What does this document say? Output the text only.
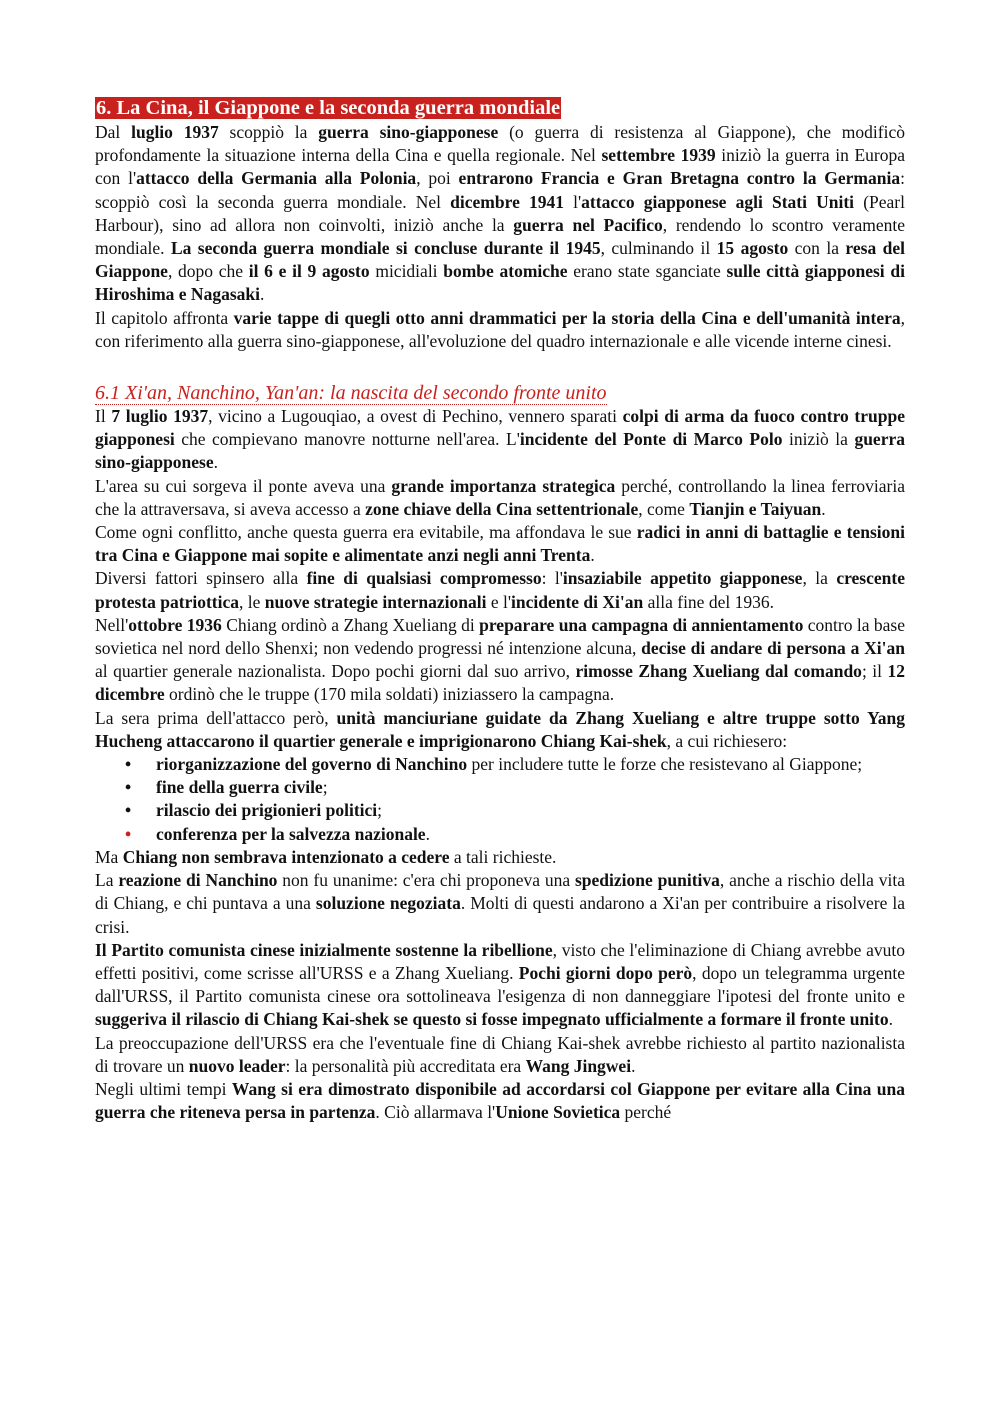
6. La Cina, il Giappone e la seconda guerra mondiale

Dal luglio 1937 scoppiò la guerra sino-giapponese (o guerra di resistenza al Giappone), che modificò profondamente la situazione interna della Cina e quella regionale. Nel settembre 1939 iniziò la guerra in Europa con l'attacco della Germania alla Polonia, poi entrarono Francia e Gran Bretagna contro la Germania: scoppiò così la seconda guerra mondiale. Nel dicembre 1941 l'attacco giapponese agli Stati Uniti (Pearl Harbour), sino ad allora non coinvolti, iniziò anche la guerra nel Pacifico, rendendo lo scontro veramente mondiale. La seconda guerra mondiale si concluse durante il 1945, culminando il 15 agosto con la resa del Giappone, dopo che il 6 e il 9 agosto micidiali bombe atomiche erano state sganciate sulle città giapponesi di Hiroshima e Nagasaki.

Il capitolo affronta varie tappe di quegli otto anni drammatici per la storia della Cina e dell'umanità intera, con riferimento alla guerra sino-giapponese, all'evoluzione del quadro internazionale e alle vicende interne cinesi.

6.1 Xi'an, Nanchino, Yan'an: la nascita del secondo fronte unito

Il 7 luglio 1937, vicino a Lugouqiao, a ovest di Pechino, vennero sparati colpi di arma da fuoco contro truppe giapponesi che compievano manovre notturne nell'area. L'incidente del Ponte di Marco Polo iniziò la guerra sino-giapponese.

L'area su cui sorgeva il ponte aveva una grande importanza strategica perché, controllando la linea ferroviaria che la attraversava, si aveva accesso a zone chiave della Cina settentrionale, come Tianjin e Taiyuan.

Come ogni conflitto, anche questa guerra era evitabile, ma affondava le sue radici in anni di battaglie e tensioni tra Cina e Giappone mai sopite e alimentate anzi negli anni Trenta.

Diversi fattori spinsero alla fine di qualsiasi compromesso: l'insaziabile appetito giapponese, la crescente protesta patriottica, le nuove strategie internazionali e l'incidente di Xi'an alla fine del 1936.

Nell'ottobre 1936 Chiang ordinò a Zhang Xueliang di preparare una campagna di annientamento contro la base sovietica nel nord dello Shenxi; non vedendo progressi né intenzione alcuna, decise di andare di persona a Xi'an al quartier generale nazionalista. Dopo pochi giorni dal suo arrivo, rimosse Zhang Xueliang dal comando; il 12 dicembre ordinò che le truppe (170 mila soldati) iniziassero la campagna.

La sera prima dell'attacco però, unità manciuriane guidate da Zhang Xueliang e altre truppe sotto Yang Hucheng attaccarono il quartier generale e imprigionarono Chiang Kai-shek, a cui richiesero:

• riorganizzazione del governo di Nanchino per includere tutte le forze che resistevano al Giappone;
• fine della guerra civile;
• rilascio dei prigionieri politici;
• conferenza per la salvezza nazionale.

Ma Chiang non sembrava intenzionato a cedere a tali richieste.

La reazione di Nanchino non fu unanime: c'era chi proponeva una spedizione punitiva, anche a rischio della vita di Chiang, e chi puntava a una soluzione negoziata. Molti di questi andarono a Xi'an per contribuire a risolvere la crisi.

Il Partito comunista cinese inizialmente sostenne la ribellione, visto che l'eliminazione di Chiang avrebbe avuto effetti positivi, come scrisse all'URSS e a Zhang Xueliang. Pochi giorni dopo però, dopo un telegramma urgente dall'URSS, il Partito comunista cinese ora sottolineava l'esigenza di non danneggiare l'ipotesi del fronte unito e suggeriva il rilascio di Chiang Kai-shek se questo si fosse impegnato ufficialmente a formare il fronte unito.

La preoccupazione dell'URSS era che l'eventuale fine di Chiang Kai-shek avrebbe richiesto al partito nazionalista di trovare un nuovo leader: la personalità più accreditata era Wang Jingwei.

Negli ultimi tempi Wang si era dimostrato disponibile ad accordarsi col Giappone per evitare alla Cina una guerra che riteneva persa in partenza. Ciò allarmava l'Unione Sovietica perché
